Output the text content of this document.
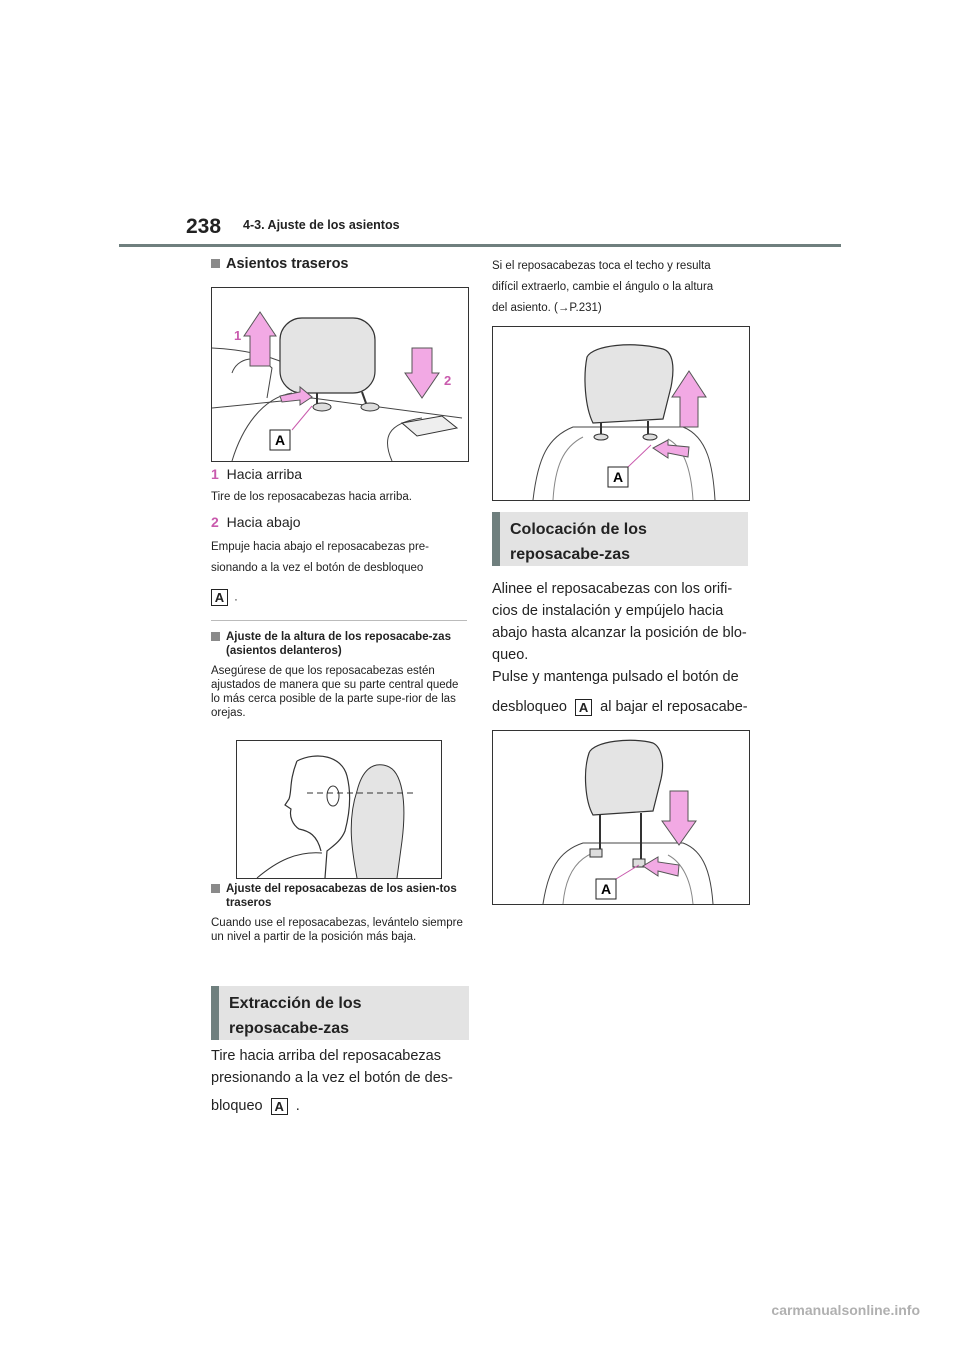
238 4-3. Ajuste de los asientos
Asientos traseros
A
1
2
1 Hacia arriba
Tire de los reposacabezas hacia arriba.
2 Hacia abajo
Empuje hacia abajo el reposacabezas pre-
sionando a la vez el botón de desbloqueo
A .
Ajuste de la altura de los reposacabe-zas (asientos delanteros)
Asegúrese de que los reposacabezas estén ajustados de manera que su parte central quede lo más cerca posible de la parte supe-rior de las orejas.
Ajuste del reposacabezas de los asien-tos traseros
Cuando use el reposacabezas, levántelo siempre un nivel a partir de la posición más baja.
Extracción de los reposacabe-zas
Tire hacia arriba del reposacabezas
presionando a la vez el botón de des-
bloqueo A .
Si el reposacabezas toca el techo y resulta
difícil extraerlo, cambie el ángulo o la altura
del asiento. (→P.231)
A
Colocación de los reposacabe-zas
Alinee el reposacabezas con los orifi-cios de instalación y empújelo hacia abajo hasta alcanzar la posición de blo-queo.
Pulse y mantenga pulsado el botón de
desbloqueo A al bajar el reposacabe-
A
carmanualsonline.info
